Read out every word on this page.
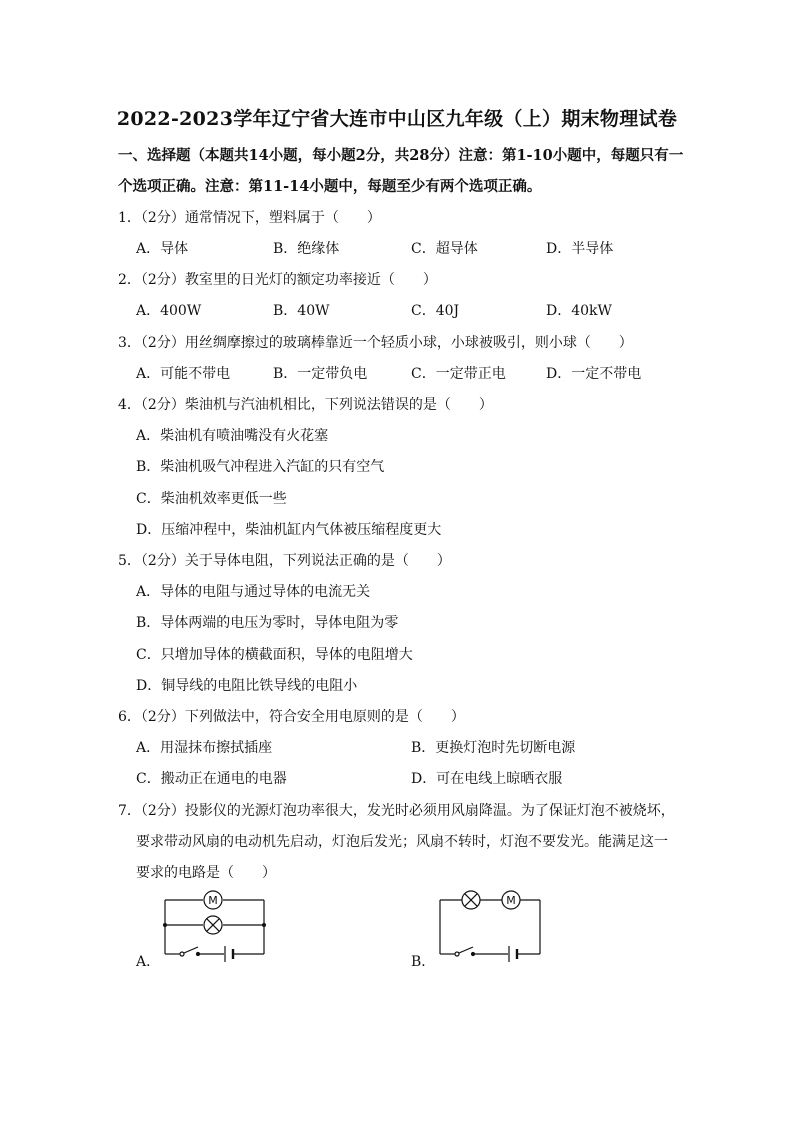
2022-2023学年辽宁省大连市中山区九年级（上）期末物理试卷
一、选择题（本题共14小题，每小题2分，共28分）注意：第1-10小题中，每题只有一
个选项正确。注意：第11-14小题中，每题至少有两个选项正确。
1．（2分）通常情况下，塑料属于（　　）
A．导体	B．绝缘体	C．超导体	D．半导体
2．（2分）教室里的日光灯的额定功率接近（　　）
A．400W	B．40W	C．40J	D．40kW
3．（2分）用丝绸摩擦过的玻璃棒靠近一个轻质小球，小球被吸引，则小球（　　）
A．可能不带电	B．一定带负电	C．一定带正电	D．一定不带电
4．（2分）柴油机与汽油机相比，下列说法错误的是（　　）
A．柴油机有喷油嘴没有火花塞
B．柴油机吸气冲程进入汽缸的只有空气
C．柴油机效率更低一些
D．压缩冲程中，柴油机缸内气体被压缩程度更大
5．（2分）关于导体电阻，下列说法正确的是（　　）
A．导体的电阻与通过导体的电流无关
B．导体两端的电压为零时，导体电阻为零
C．只增加导体的横截面积，导体的电阻增大
D．铜导线的电阻比铁导线的电阻小
6．（2分）下列做法中，符合安全用电原则的是（　　）
A．用湿抹布擦拭插座	B．更换灯泡时先切断电源
C．搬动正在通电的电器	D．可在电线上晾晒衣服
7．（2分）投影仪的光源灯泡功率很大，发光时必须用风扇降温。为了保证灯泡不被烧坏，
要求带动风扇的电动机先启动，灯泡后发光；风扇不转时，灯泡不要发光。能满足这一
要求的电路是（　　）
M
A．
M
B．
